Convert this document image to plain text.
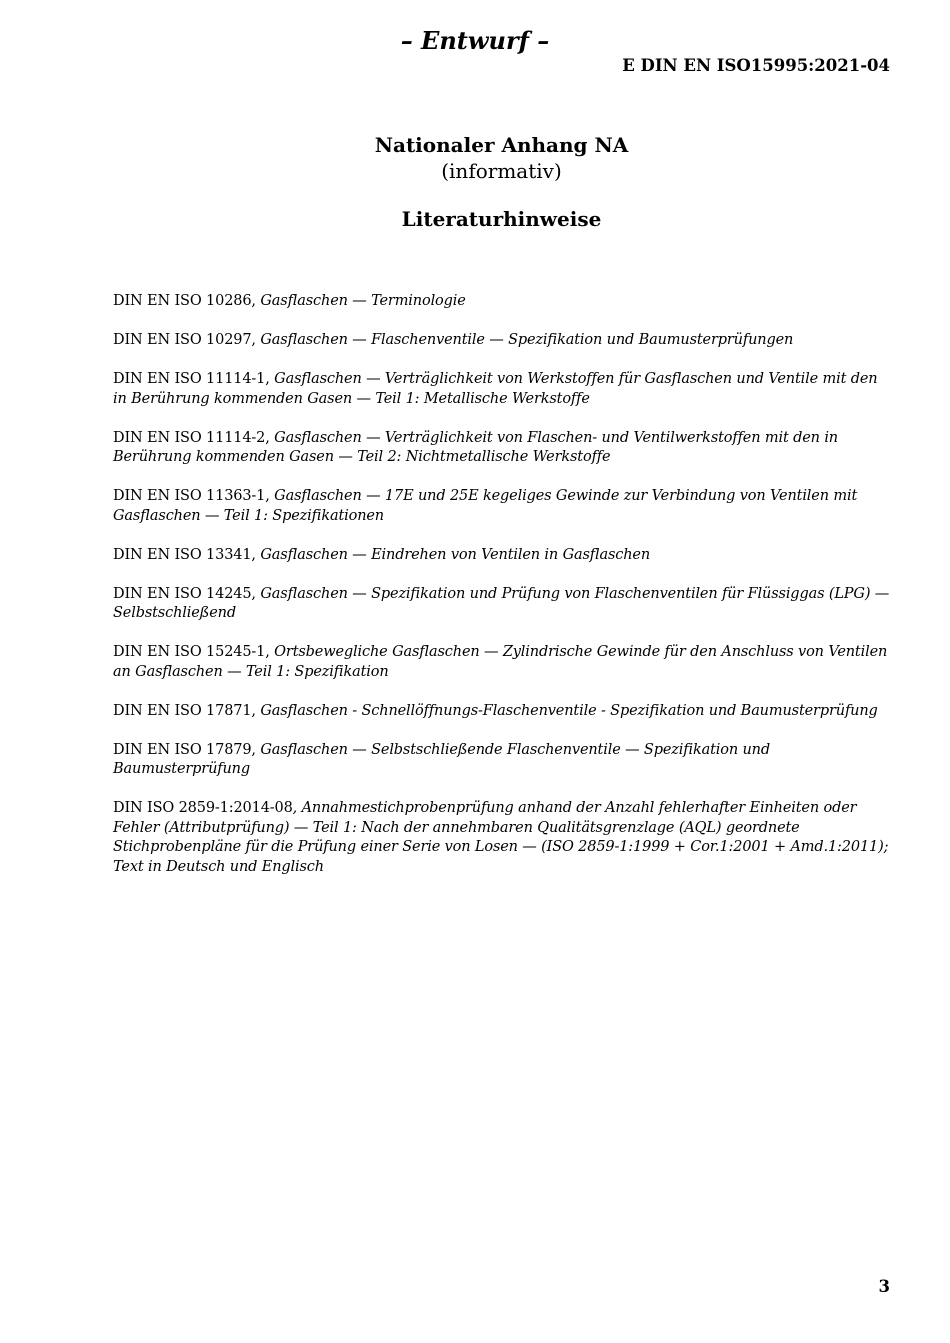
– Entwurf –
E DIN EN ISO15995:2021-04
Nationaler Anhang NA
(informativ)
Literaturhinweise
DIN EN ISO 10286, Gasflaschen — Terminologie
DIN EN ISO 10297, Gasflaschen — Flaschenventile — Spezifikation und Baumusterprüfungen
DIN EN ISO 11114-1, Gasflaschen — Verträglichkeit von Werkstoffen für Gasflaschen und Ventile mit den in Berührung kommenden Gasen — Teil 1: Metallische Werkstoffe
DIN EN ISO 11114-2, Gasflaschen — Verträglichkeit von Flaschen- und Ventilwerkstoffen mit den in Berührung kommenden Gasen — Teil 2: Nichtmetallische Werkstoffe
DIN EN ISO 11363-1, Gasflaschen — 17E und 25E kegeliges Gewinde zur Verbindung von Ventilen mit Gasflaschen — Teil 1: Spezifikationen
DIN EN ISO 13341, Gasflaschen — Eindrehen von Ventilen in Gasflaschen
DIN EN ISO 14245, Gasflaschen — Spezifikation und Prüfung von Flaschenventilen für Flüssiggas (LPG) — Selbstschließend
DIN EN ISO 15245-1, Ortsbewegliche Gasflaschen — Zylindrische Gewinde für den Anschluss von Ventilen an Gasflaschen — Teil 1: Spezifikation
DIN EN ISO 17871, Gasflaschen - Schnellöffnungs-Flaschenventile - Spezifikation und Baumusterprüfung
DIN EN ISO 17879, Gasflaschen — Selbstschließende Flaschenventile — Spezifikation und Baumusterprüfung
DIN ISO 2859-1:2014-08, Annahmestichprobenprüfung anhand der Anzahl fehlerhafter Einheiten oder Fehler (Attributprüfung) — Teil 1: Nach der annehmbaren Qualitätsgrenzlage (AQL) geordnete Stichprobenpläne für die Prüfung einer Serie von Losen — (ISO 2859-1:1999 + Cor.1:2001 + Amd.1:2011);
Text in Deutsch und Englisch
3
